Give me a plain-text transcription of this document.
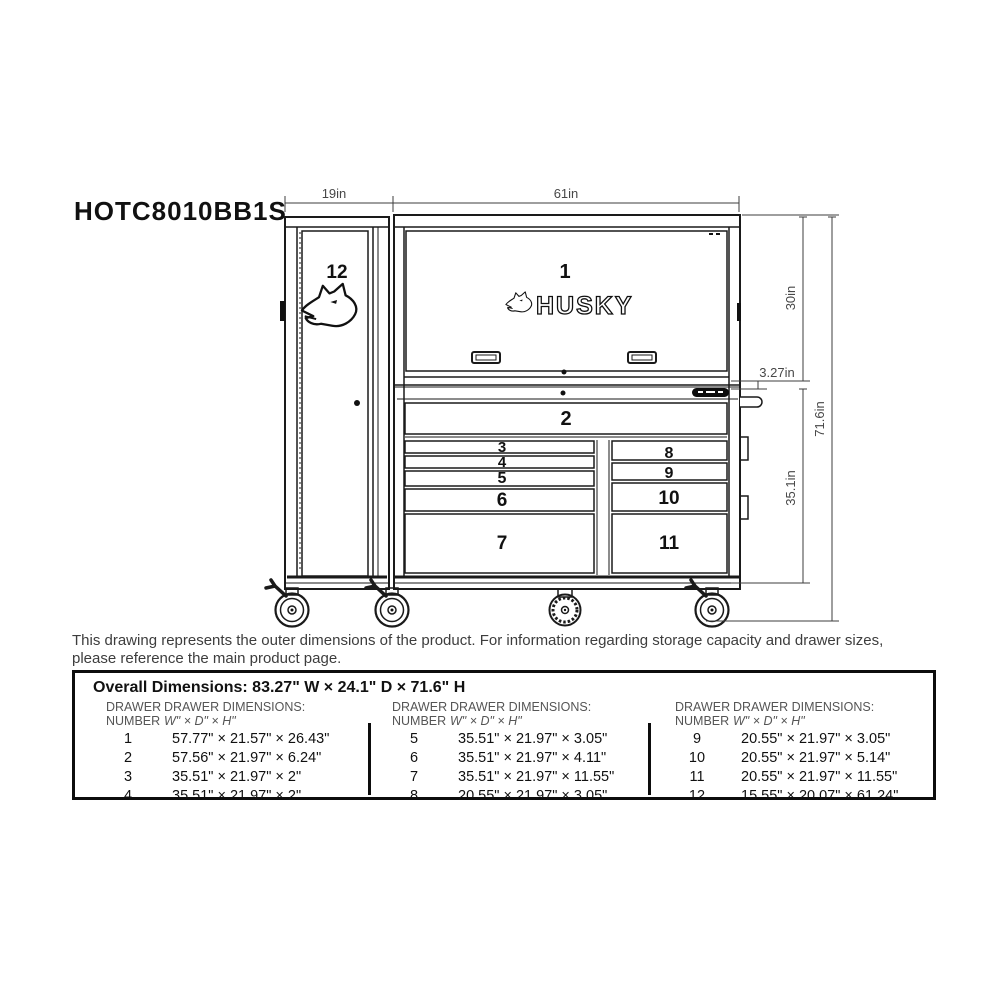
HOTC8010BB1S
12	1
HUSKY
2
3
4
5
6
7
8
9
10
11
19in	61in
30in
3.27in
35.1in
71.6in
This drawing represents the outer dimensions of the product. For information regarding storage capacity and drawer sizes,
please reference the main product page.
Overall Dimensions: 83.27" W × 24.1" D × 71.6" H
DRAWER DRAWER DIMENSIONS:
NUMBER W" × D" × H"
1	57.77" × 21.57" × 26.43"
2	57.56" × 21.97" × 6.24"
3	35.51" × 21.97" × 2"
4	35.51" × 21.97" × 2"
DRAWER DRAWER DIMENSIONS:
NUMBER W" × D" × H"
5	35.51" × 21.97" × 3.05"
6	35.51" × 21.97" × 4.11"
7	35.51" × 21.97" × 11.55"
8	20.55" × 21.97" × 3.05"
DRAWER DRAWER DIMENSIONS:
NUMBER W" × D" × H"
9	20.55" × 21.97" × 3.05"
10 20.55" × 21.97" × 5.14"
11	20.55" × 21.97" × 11.55"
12 15.55" × 20.07" × 61.24"
